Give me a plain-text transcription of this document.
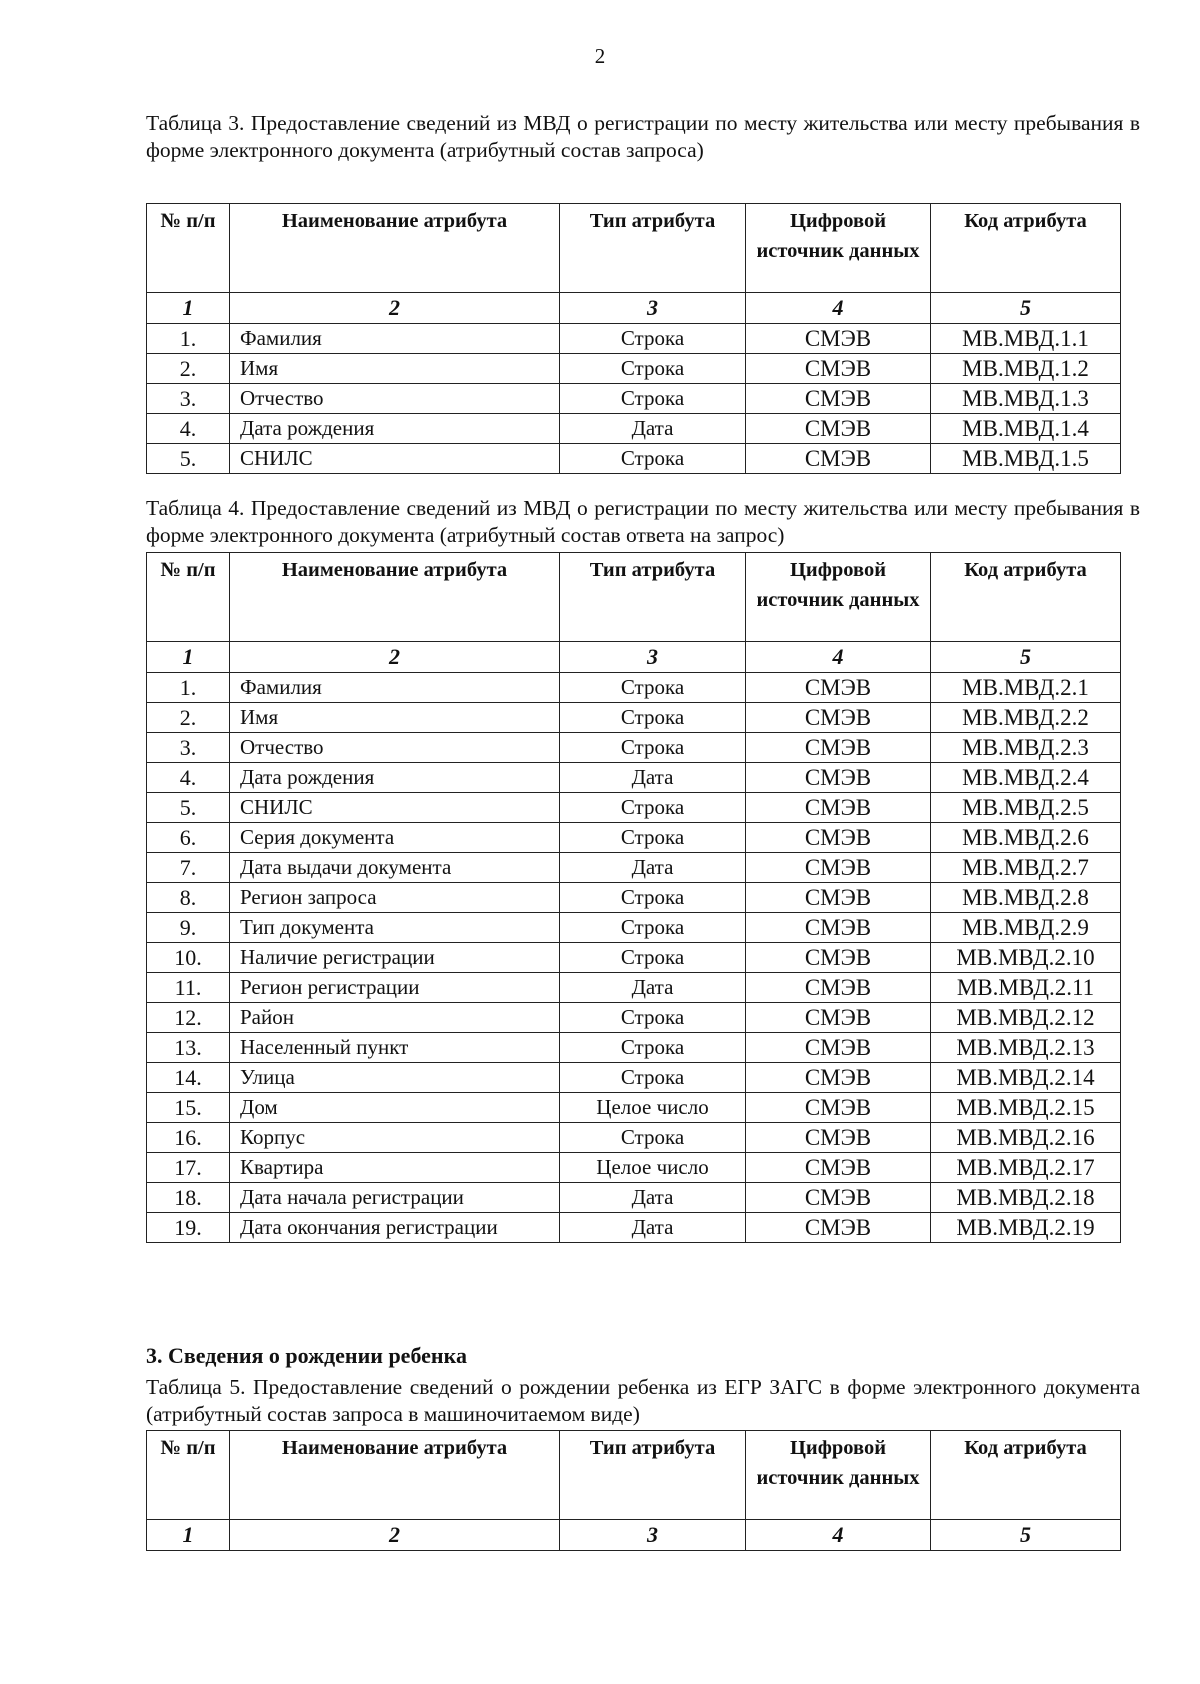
2
Таблица 3. Предоставление сведений из МВД о регистрации по месту жительства или месту пребывания в форме электронного документа (атрибутный состав запроса)
№ п/п	Наименование атрибута	Тип атрибута	Цифровой источник данных	Код атрибута
1	2	3	4	5
1.	Фамилия	Строка	СМЭВ	МВ.МВД.1.1
2.	Имя	Строка	СМЭВ	МВ.МВД.1.2
3.	Отчество	Строка	СМЭВ	МВ.МВД.1.3
4.	Дата рождения	Дата	СМЭВ	МВ.МВД.1.4
5.	СНИЛС	Строка	СМЭВ	МВ.МВД.1.5
Таблица 4. Предоставление сведений из МВД о регистрации по месту жительства или месту пребывания в форме электронного документа (атрибутный состав ответа на запрос)
№ п/п	Наименование атрибута	Тип атрибута	Цифровой источник данных	Код атрибута
1	2	3	4	5
1.	Фамилия	Строка	СМЭВ	МВ.МВД.2.1
2.	Имя	Строка	СМЭВ	МВ.МВД.2.2
3.	Отчество	Строка	СМЭВ	МВ.МВД.2.3
4.	Дата рождения	Дата	СМЭВ	МВ.МВД.2.4
5.	СНИЛС	Строка	СМЭВ	МВ.МВД.2.5
6.	Серия документа	Строка	СМЭВ	МВ.МВД.2.6
7.	Дата выдачи документа	Дата	СМЭВ	МВ.МВД.2.7
8.	Регион запроса	Строка	СМЭВ	МВ.МВД.2.8
9.	Тип документа	Строка	СМЭВ	МВ.МВД.2.9
10.	Наличие регистрации	Строка	СМЭВ	МВ.МВД.2.10
11.	Регион регистрации	Дата	СМЭВ	МВ.МВД.2.11
12.	Район	Строка	СМЭВ	МВ.МВД.2.12
13.	Населенный пункт	Строка	СМЭВ	МВ.МВД.2.13
14.	Улица	Строка	СМЭВ	МВ.МВД.2.14
15.	Дом	Целое число	СМЭВ	МВ.МВД.2.15
16.	Корпус	Строка	СМЭВ	МВ.МВД.2.16
17.	Квартира	Целое число	СМЭВ	МВ.МВД.2.17
18.	Дата начала регистрации	Дата	СМЭВ	МВ.МВД.2.18
19.	Дата окончания регистрации	Дата	СМЭВ	МВ.МВД.2.19
3. Сведения о рождении ребенка
Таблица 5. Предоставление сведений о рождении ребенка из ЕГР ЗАГС в форме электронного документа (атрибутный состав запроса в машиночитаемом виде)
№ п/п	Наименование атрибута	Тип атрибута	Цифровой источник данных	Код атрибута
1	2	3	4	5
